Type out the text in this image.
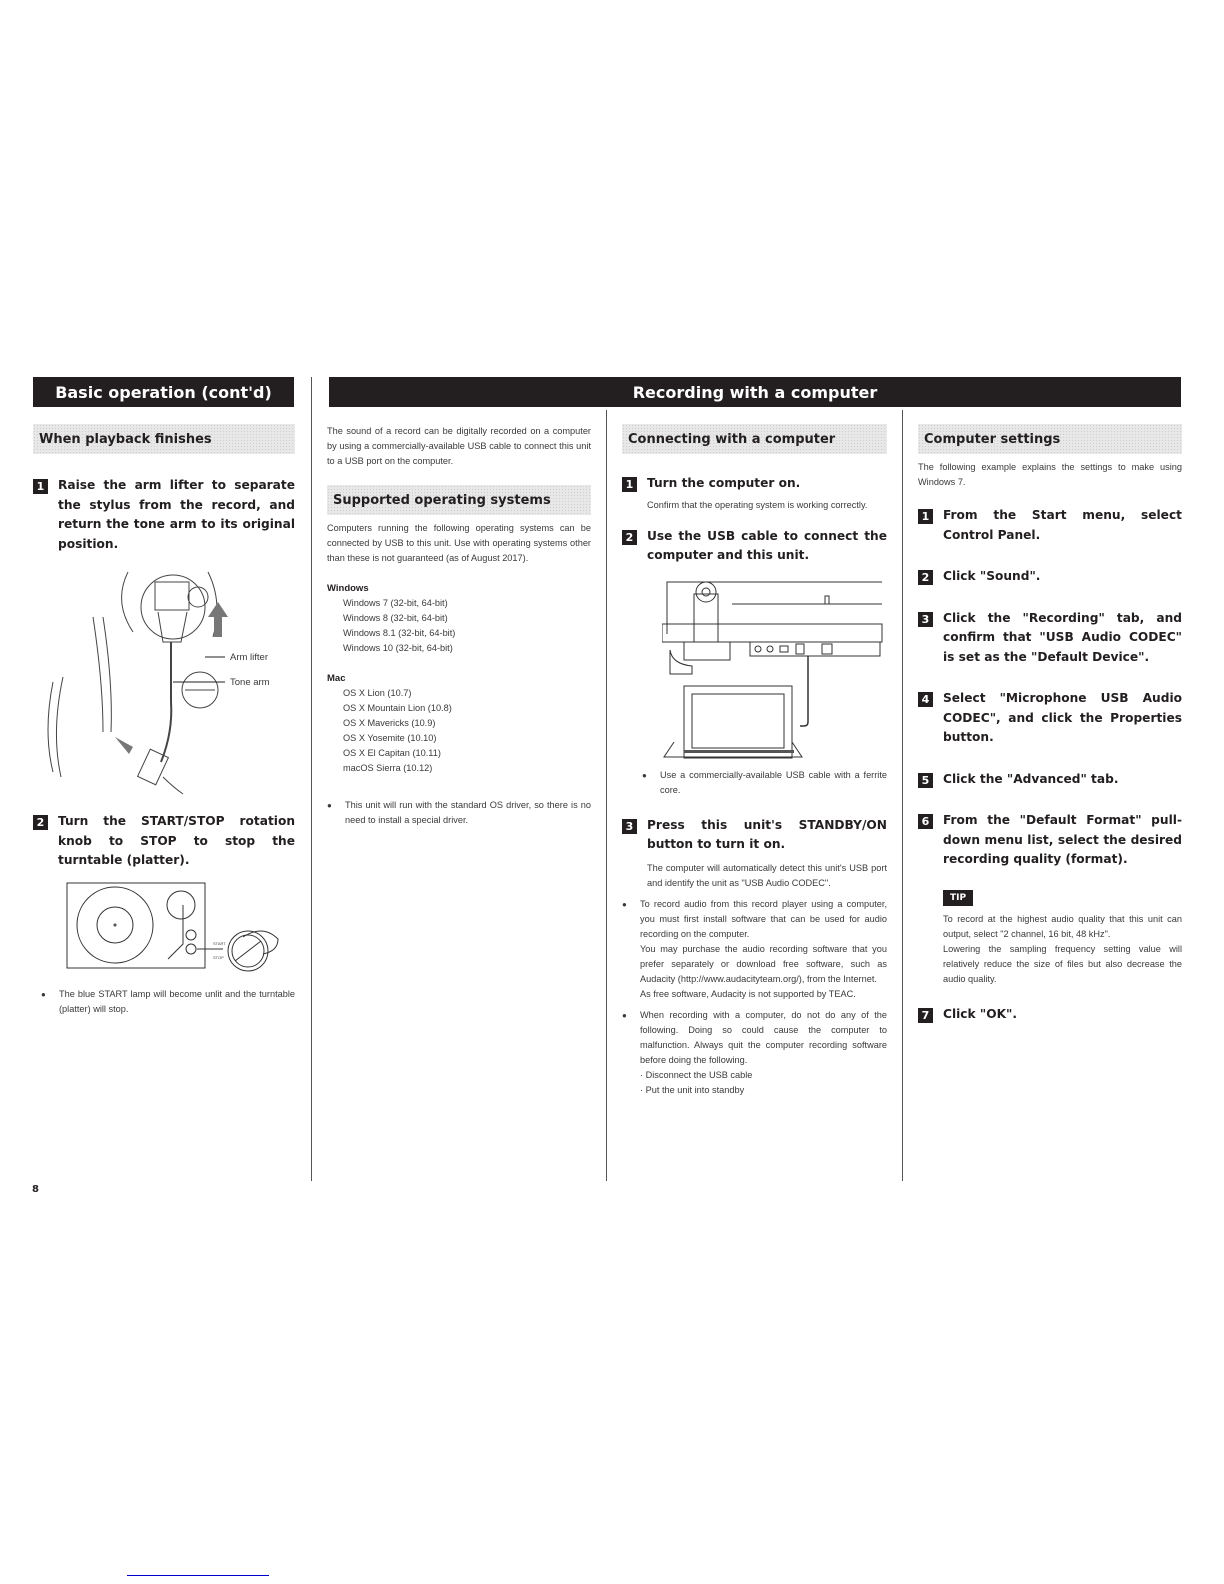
Basic operation (cont'd)	Recording with a computer
When playback finishes
1	Raise the arm lifter to separate the stylus from the record, and return the tone arm to its original position.
Arm lifter
Tone arm
2	Turn the START/STOP rotation knob to STOP to stop the turntable (platter).
START
STOP
●	The blue START lamp will become unlit and the turntable (platter) will stop.
The sound of a record can be digitally recorded on a computer by using a commercially-available USB cable to connect this unit to a USB port on the computer.
Supported operating systems
Computers running the following operating systems can be connected by USB to this unit. Use with operating systems other than these is not guaranteed (as of August 2017).
Windows
Windows 7 (32-bit, 64-bit)
Windows 8 (32-bit, 64-bit)
Windows 8.1 (32-bit, 64-bit)
Windows 10 (32-bit, 64-bit)
Mac
OS X Lion (10.7)
OS X Mountain Lion (10.8)
OS X Mavericks (10.9)
OS X Yosemite (10.10)
OS X El Capitan (10.11)
macOS Sierra (10.12)
●	This unit will run with the standard OS driver, so there is no need to install a special driver.
Connecting with a computer
1	Turn the computer on.
Confirm that the operating system is working correctly.
2	Use the USB cable to connect the computer and this unit.
●	Use a commercially-available USB cable with a ferrite core.
3	Press this unit's STANDBY/ON button to turn it on.
The computer will automatically detect this unit's USB port and identify the unit as "USB Audio CODEC".
●	To record audio from this record player using a computer, you must first install software that can be used for audio recording on the computer.
You may purchase the audio recording software that you prefer separately or download free software, such as Audacity (http://www.audacityteam.org/), from the Internet.
As free software, Audacity is not supported by TEAC.
●	When recording with a computer, do not do any of the following. Doing so could cause the computer to malfunction. Always quit the computer recording software before doing the following.
· Disconnect the USB cable
· Put the unit into standby
Computer settings
The following example explains the settings to make using Windows 7.
1	From the Start menu, select Control Panel.
2	Click "Sound".
3	Click the "Recording" tab, and confirm that "USB Audio CODEC" is set as the "Default Device".
4	Select "Microphone USB Audio CODEC", and click the Properties button.
5	Click the "Advanced" tab.
6	From the "Default Format" pull-down menu list, select the desired recording quality (format).
TIP
To record at the highest audio quality that this unit can output, select "2 channel, 16 bit, 48 kHz".
Lowering the sampling frequency setting value will relatively reduce the size of files but also decrease the audio quality.
7	Click "OK".
8
